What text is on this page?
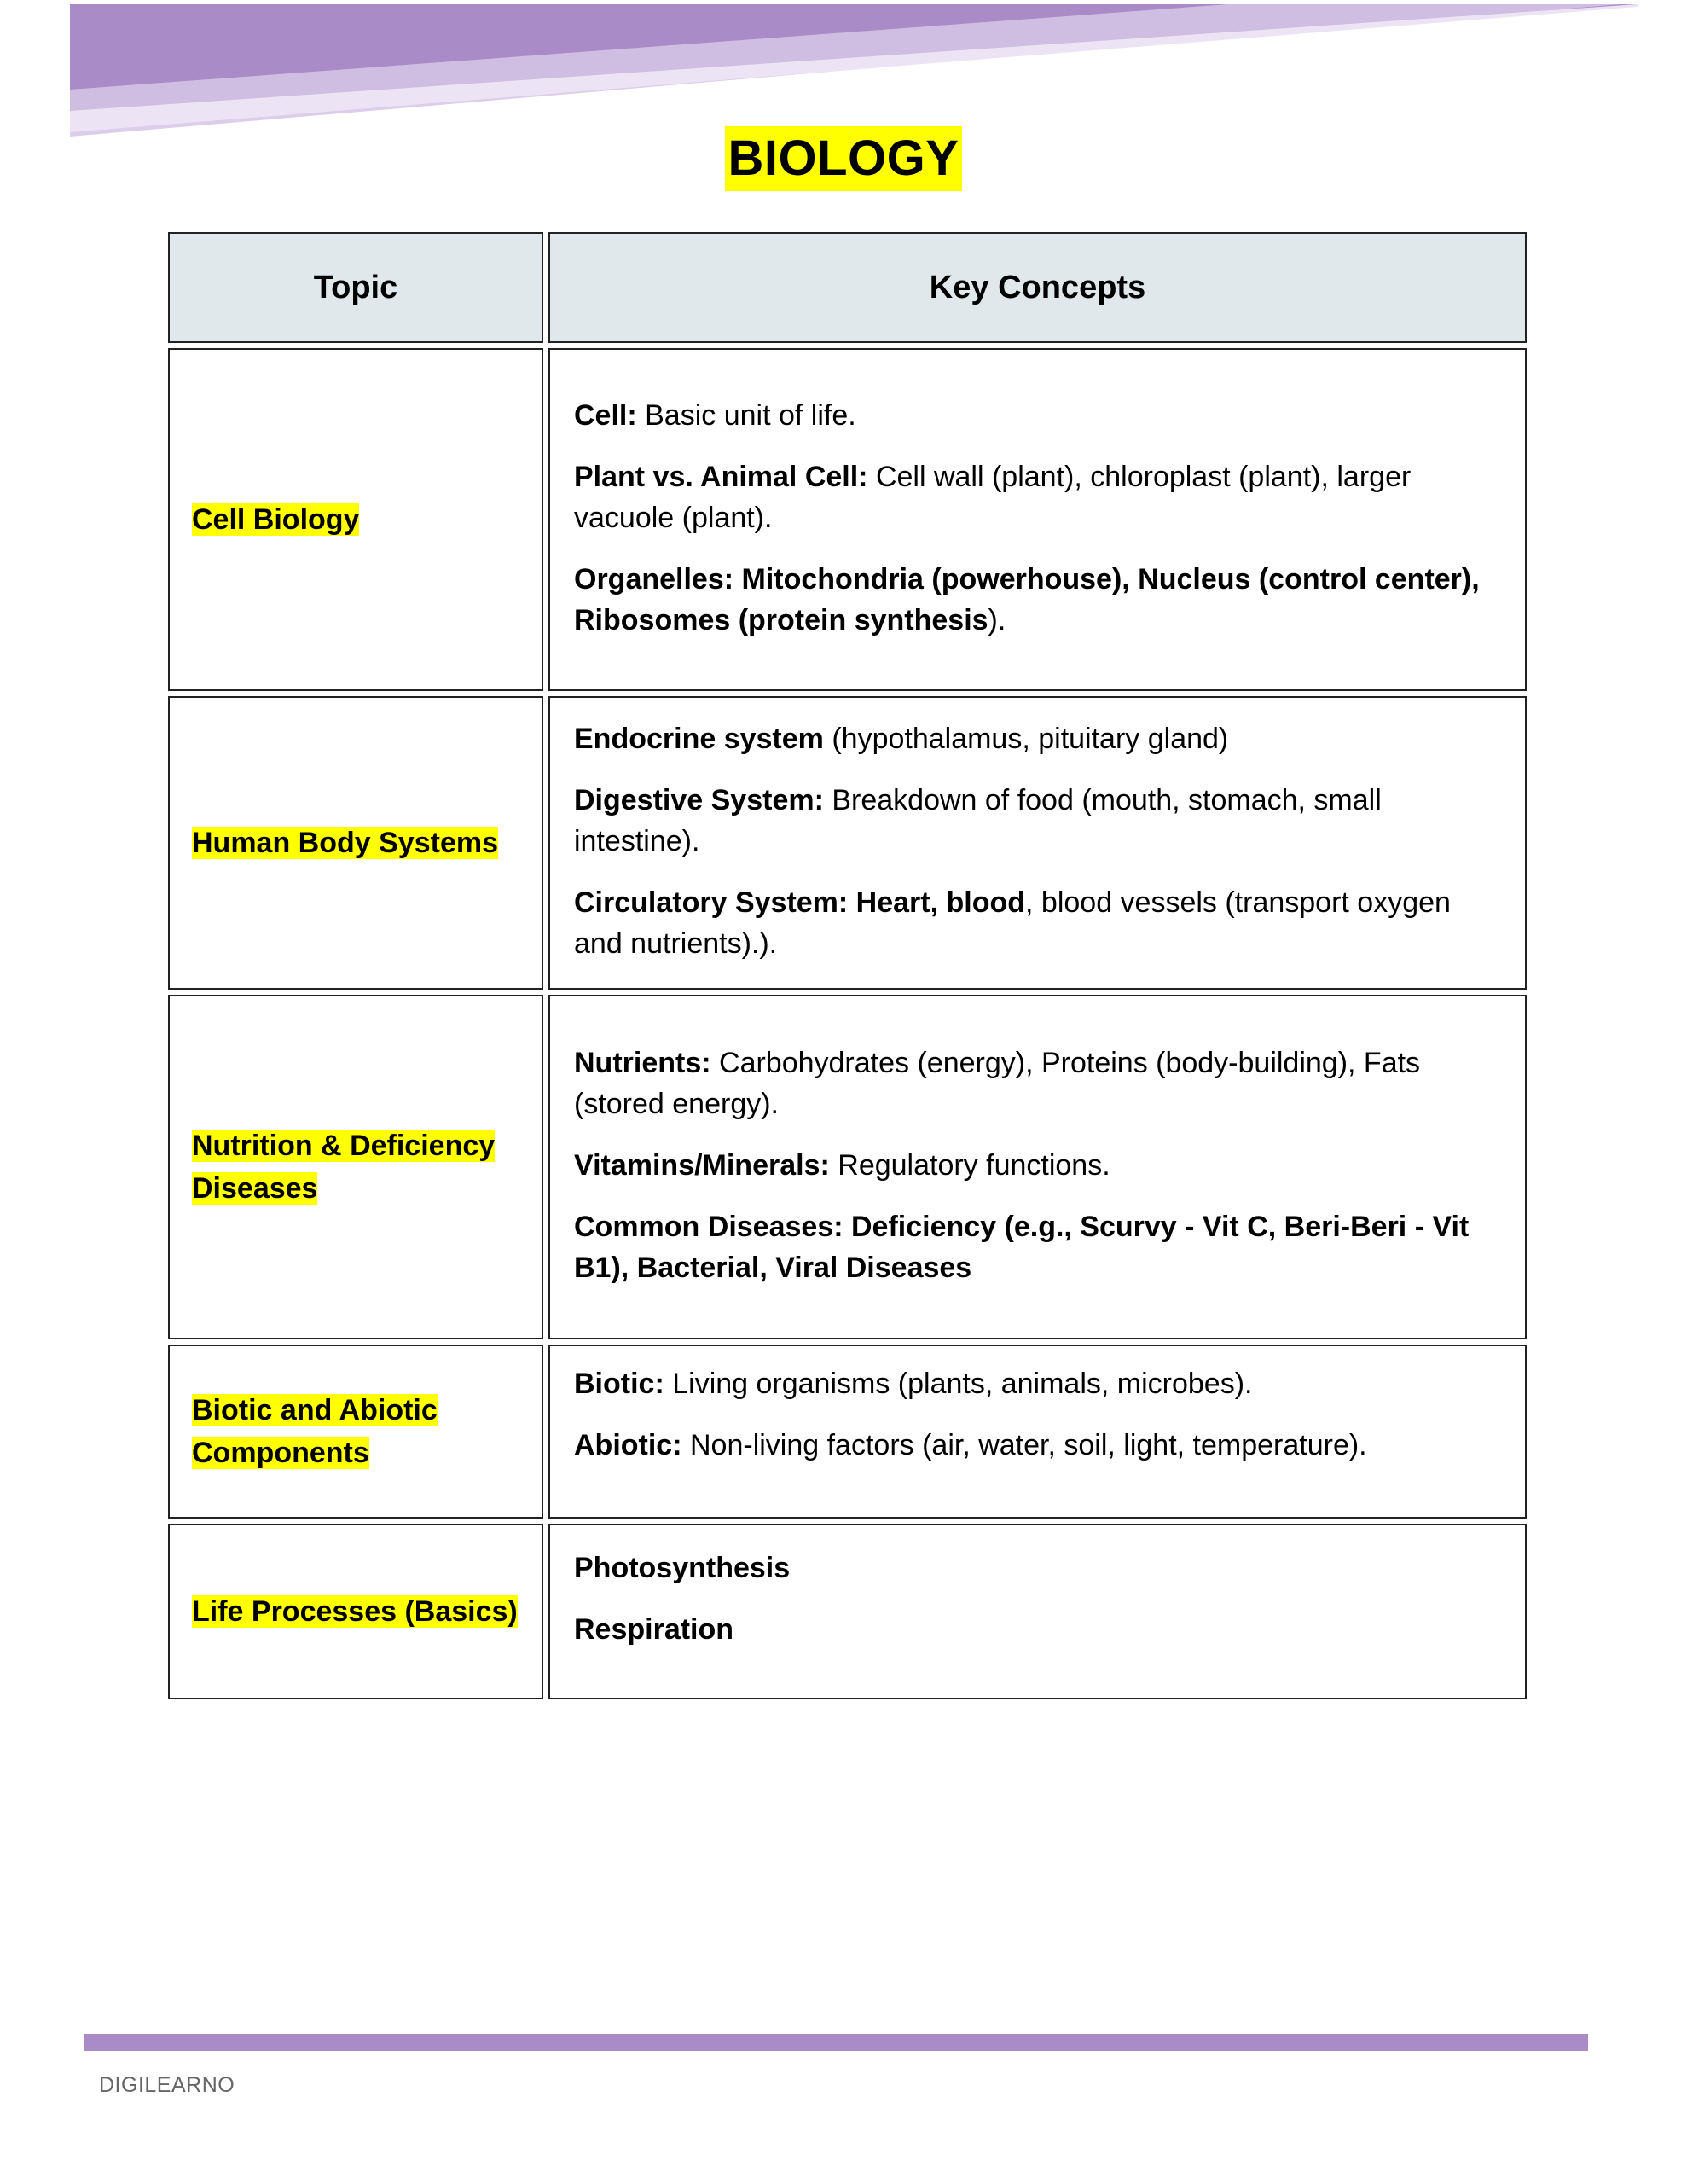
BIOLOGY
Topic	Key Concepts
Cell Biology	Cell: Basic unit of life.

Plant vs. Animal Cell: Cell wall (plant), chloroplast (plant), larger vacuole (plant).

Organelles: Mitochondria (powerhouse), Nucleus (control center), Ribosomes (protein synthesis).

Human Body Systems	Endocrine system (hypothalamus, pituitary gland)

Digestive System: Breakdown of food (mouth, stomach, small intestine).

Circulatory System: Heart, blood, blood vessels (transport oxygen and nutrients).).

Nutrition & Deficiency Diseases	Nutrients: Carbohydrates (energy), Proteins (body-building), Fats (stored energy).

Vitamins/Minerals: Regulatory functions.

Common Diseases: Deficiency (e.g., Scurvy - Vit C, Beri-Beri - Vit B1), Bacterial, Viral Diseases

Biotic and Abiotic Components	Biotic: Living organisms (plants, animals, microbes).

Abiotic: Non-living factors (air, water, soil, light, temperature).

Life Processes (Basics)	Photosynthesis

Respiration

DIGILEARNO
